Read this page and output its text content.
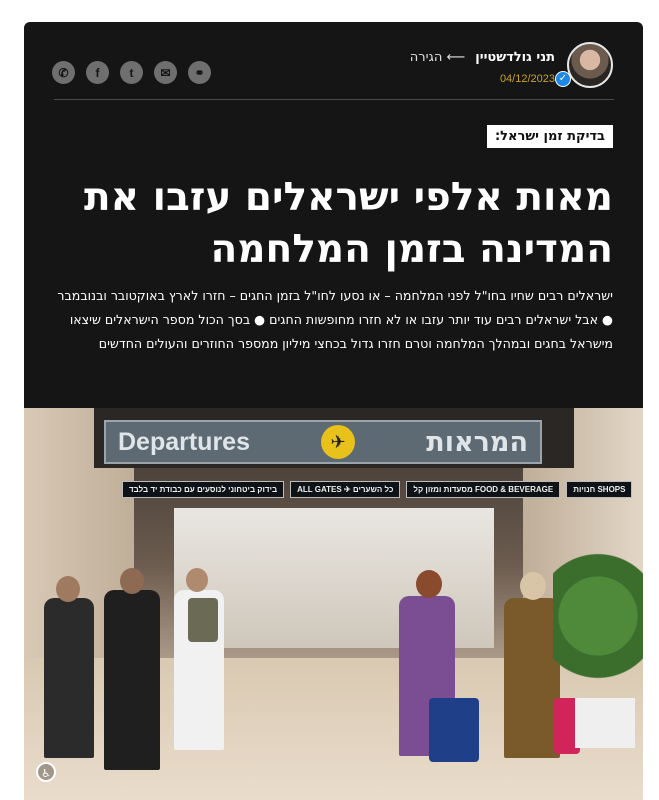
✓
תני גולדשטיין ⟵ הגירה
04/12/2023
✆	f	t	✉	⚭
בדיקת זמן ישראל:
מאות אלפי ישראלים עזבו את המדינה בזמן המלחמה

ישראלים רבים שחיו בחו"ל לפני המלחמה – או נסעו לחו"ל בזמן החגים – חזרו לארץ באוקטובר ובנובמבר ● אבל ישראלים רבים עוד יותר עזבו או לא חזרו מחופשות החגים ● בסך הכול מספר הישראלים שיצאו מישראל בחגים ובמהלך המלחמה וטרם חזרו גדול בכחצי מיליון ממספר החוזרים והעולים החדשים

Departures	✈	המראות
בידוק ביטחוני לנוסעים עם כבודת יד בלבד	ALL GATES
✈
כל השערים	מסעדות ומזון קל FOOD & BEVERAGE	חנויות SHOPS
♿
